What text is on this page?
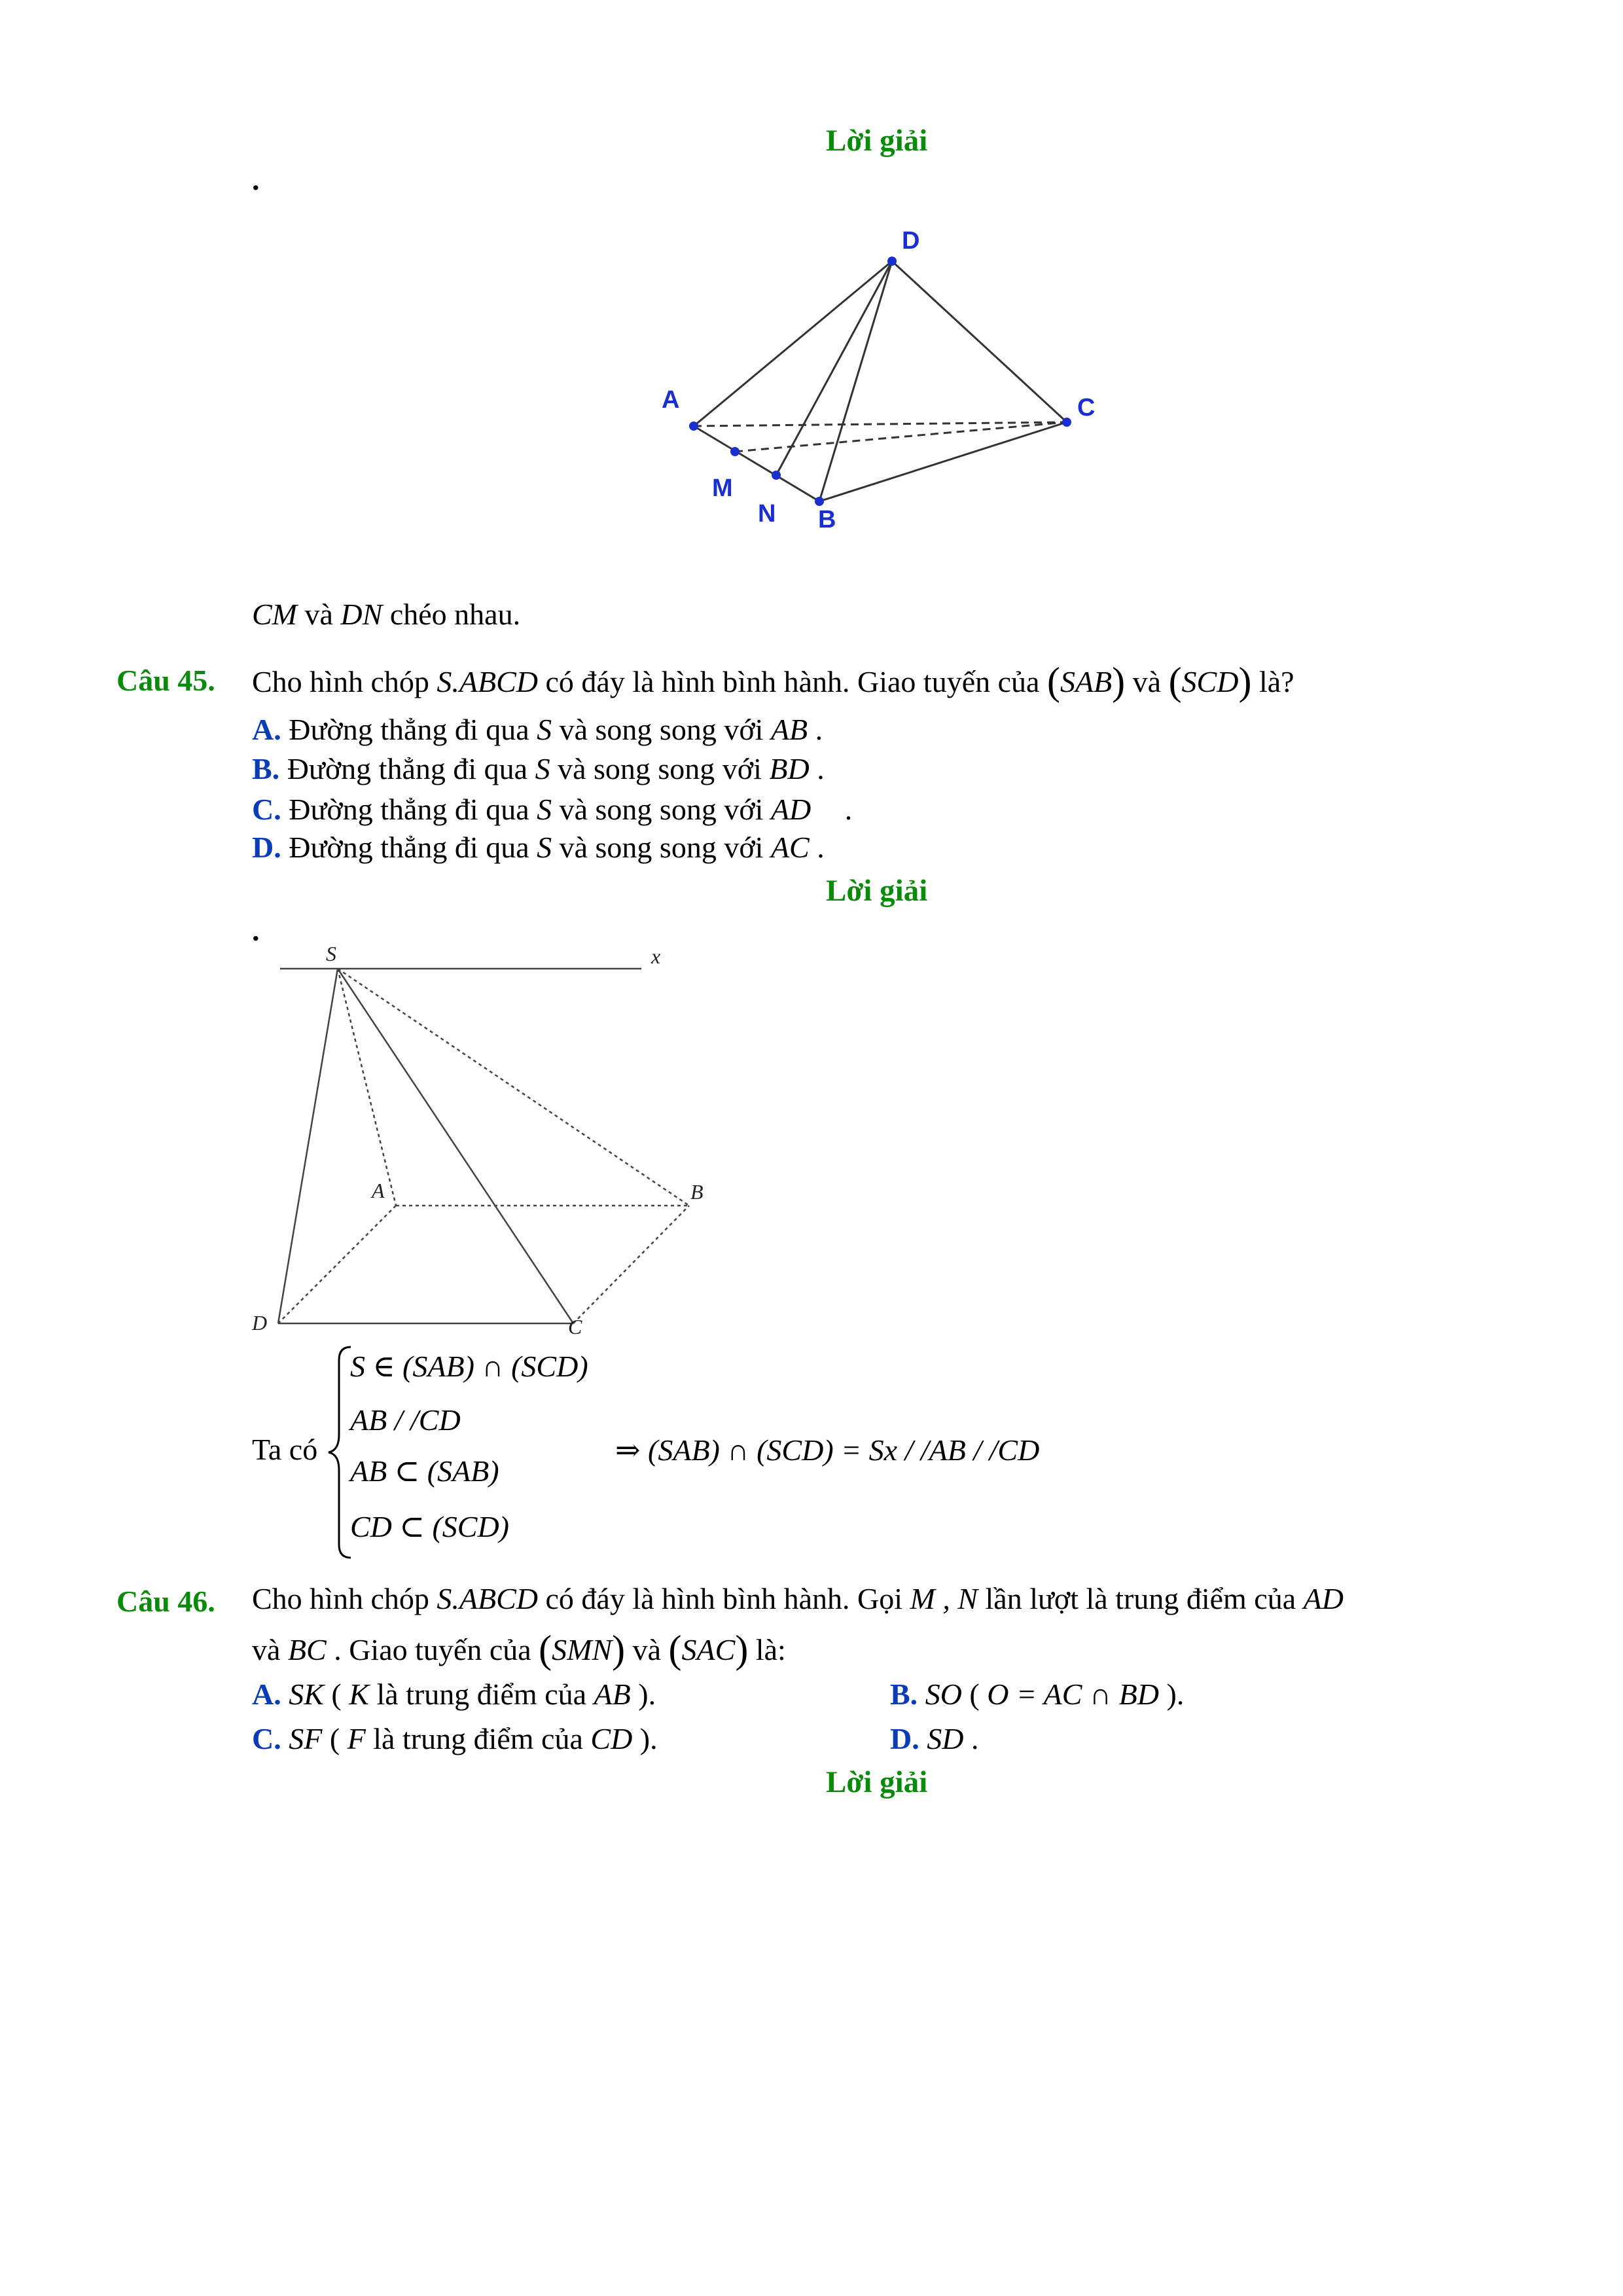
Lời giải
.
D
A	C
M
N B
CM và DN chéo nhau.
Câu 45. Cho hình chóp S.ABCD có đáy là hình bình hành. Giao tuyến của (SAB) và (SCD) là?
A. Đường thẳng đi qua S và song song với AB .
B. Đường thẳng đi qua S và song song với BD .
C. Đường thẳng đi qua S và song song với AD .
D. Đường thẳng đi qua S và song song với AC .
Lời giải
.
S	x
A	B
D	C
Ta có
S ∈ (SAB) ∩ (SCD)
AB / /CD
AB ⊂ (SAB)
CD ⊂ (SCD)
⇒ (SAB) ∩ (SCD) = Sx / /AB / /CD
Câu 46. Cho hình chóp S.ABCD có đáy là hình bình hành. Gọi M , N lần lượt là trung điểm của AD
và BC . Giao tuyến của (SMN) và (SAC) là:
A. SK ( K là trung điểm của AB ).	B. SO ( O = AC ∩ BD ).
C. SF ( F là trung điểm của CD ).	D. SD .
Lời giải
